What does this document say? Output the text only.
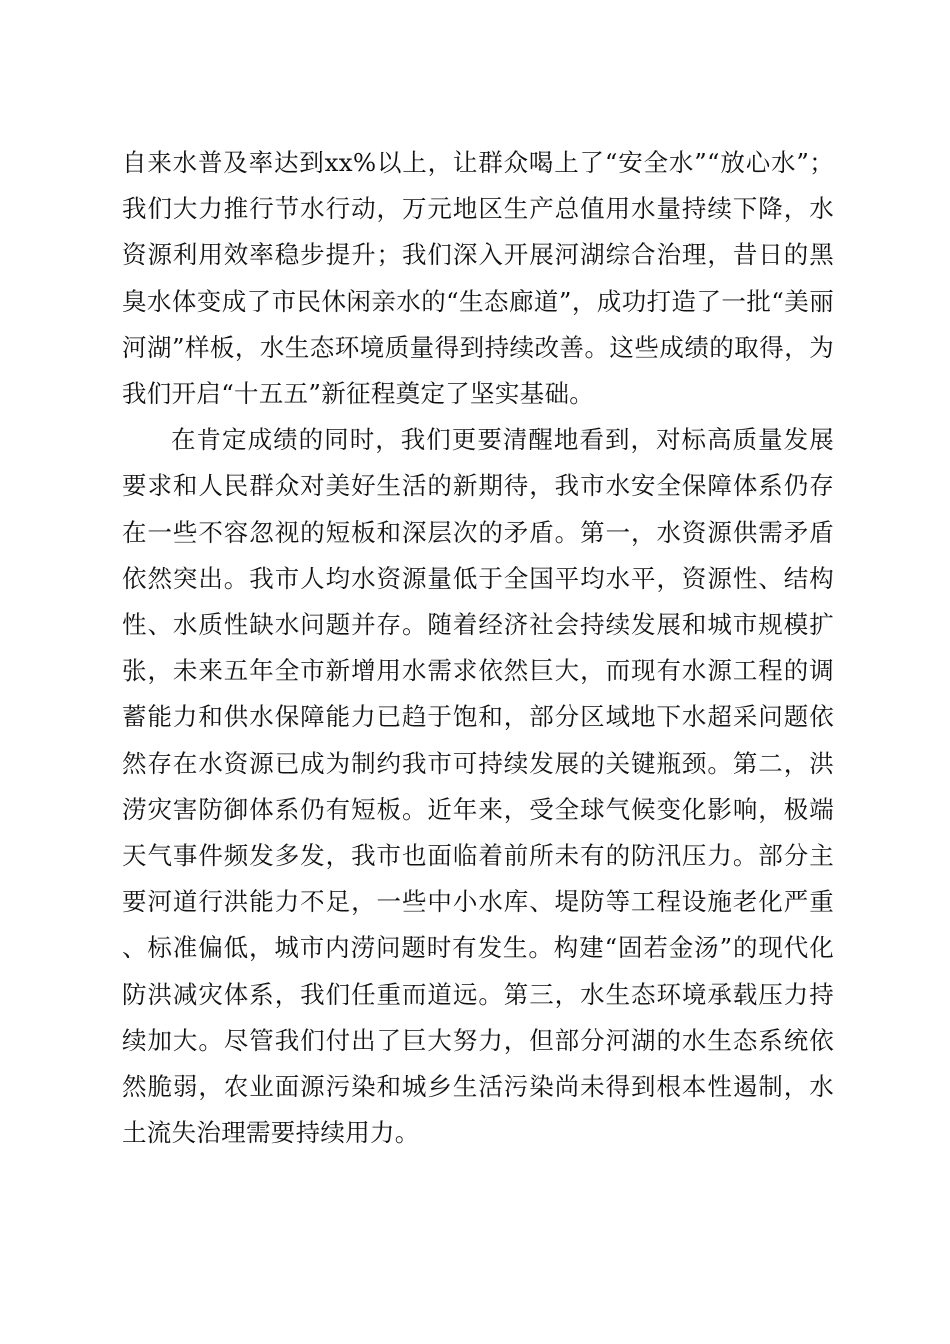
自来水普及率达到xx%以上，让群众喝上了“安全水”“放心水”；我们大力推行节水行动，万元地区生产总值用水量持续下降，水资源利用效率稳步提升；我们深入开展河湖综合治理，昔日的黑臭水体变成了市民休闲亲水的“生态廊道”，成功打造了一批“美丽河湖”样板，水生态环境质量得到持续改善。这些成绩的取得，为我们开启“十五五”新征程奠定了坚实基础。

在肯定成绩的同时，我们更要清醒地看到，对标高质量发展要求和人民群众对美好生活的新期待，我市水安全保障体系仍存在一些不容忽视的短板和深层次的矛盾。第一，水资源供需矛盾依然突出。我市人均水资源量低于全国平均水平，资源性、结构性、水质性缺水问题并存。随着经济社会持续发展和城市规模扩张，未来五年全市新增用水需求依然巨大，而现有水源工程的调蓄能力和供水保障能力已趋于饱和，部分区域地下水超采问题依然存在水资源已成为制约我市可持续发展的关键瓶颈。第二，洪涝灾害防御体系仍有短板。近年来，受全球气候变化影响，极端天气事件频发多发，我市也面临着前所未有的防汛压力。部分主要河道行洪能力不足，一些中小水库、堤防等工程设施老化严重、标准偏低，城市内涝问题时有发生。构建“固若金汤”的现代化防洪减灾体系，我们任重而道远。第三，水生态环境承载压力持续加大。尽管我们付出了巨大努力，但部分河湖的水生态系统依然脆弱，农业面源污染和城乡生活污染尚未得到根本性遏制，水土流失治理需要持续用力。
